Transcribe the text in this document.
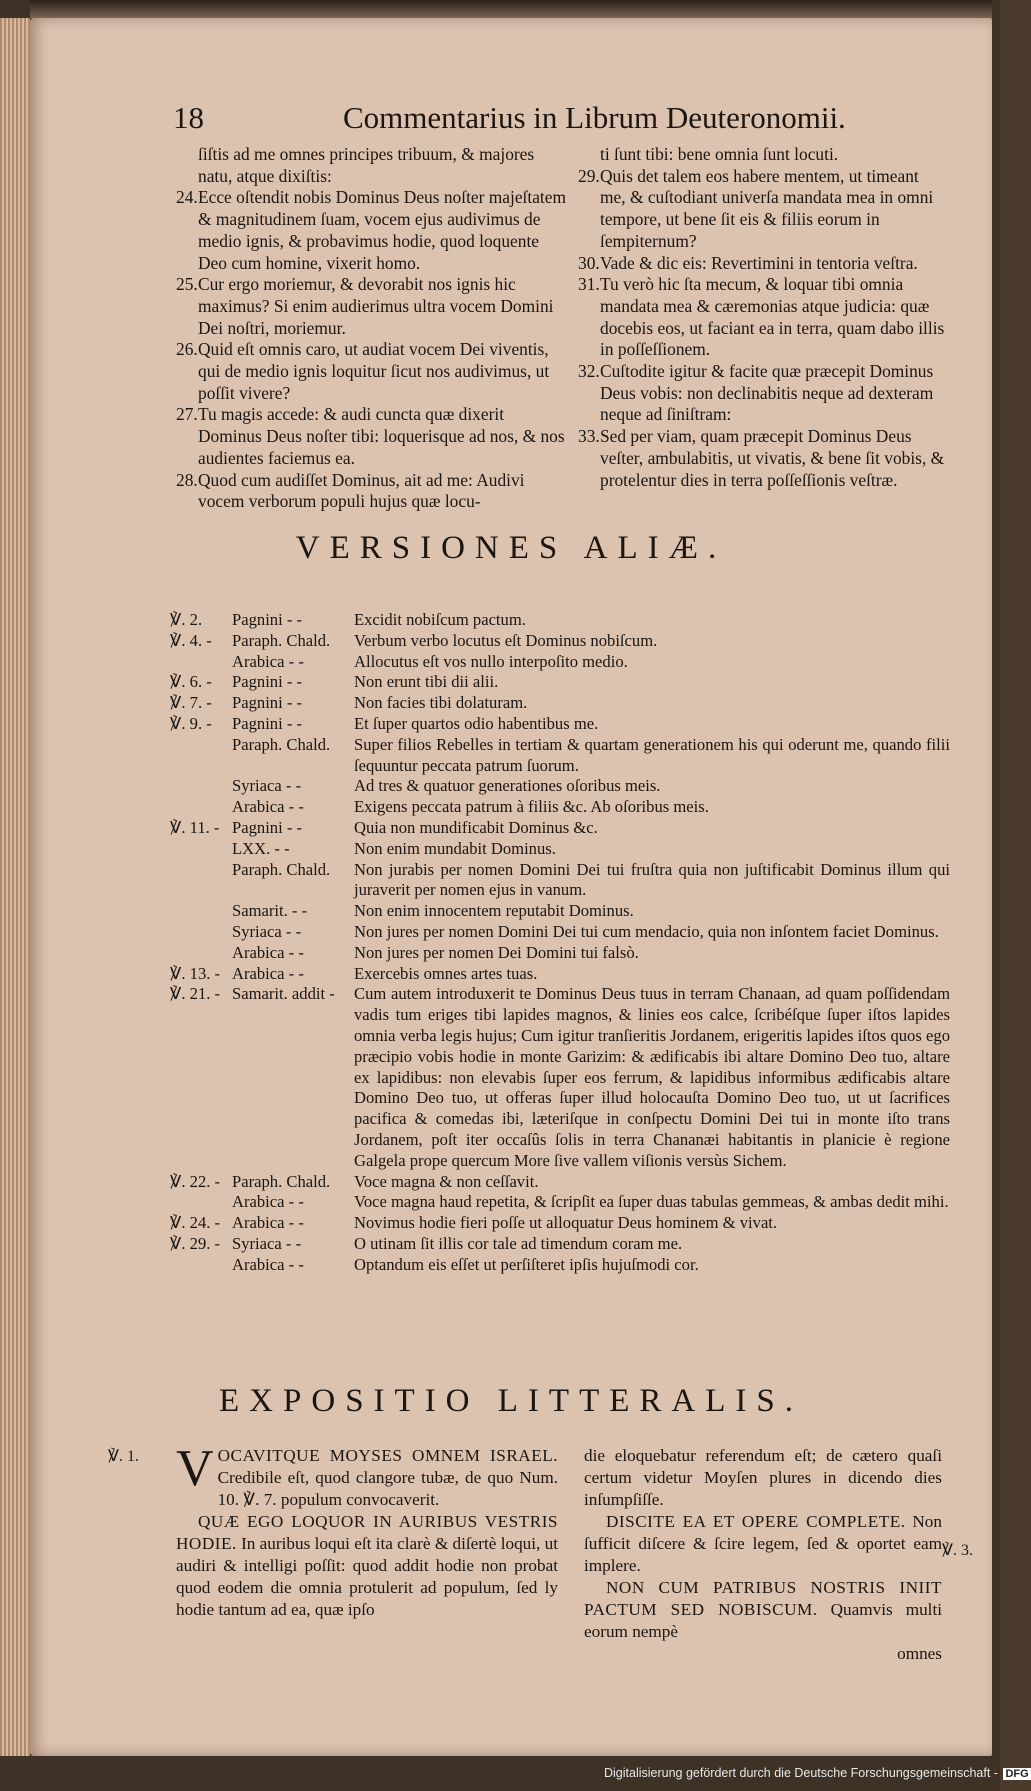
18	Commentarius in Librum Deuteronomii.

ſiſtis ad me omnes principes tribuum, & majores natu, atque dixiſtis:

24.Ecce oſtendit nobis Dominus Deus noſter majeſtatem & magnitudinem ſuam, vocem ejus audivimus de medio ignis, & probavimus hodie, quod loquente Deo cum homine, vixerit homo.

25.Cur ergo moriemur, & devorabit nos ignis hic maximus? Si enim audierimus ultra vocem Domini Dei noſtri, moriemur.

26.Quid eſt omnis caro, ut audiat vocem Dei viventis, qui de medio ignis loquitur ſicut nos audivimus, ut poſſit vivere?

27.Tu magis accede: & audi cuncta quæ dixerit Dominus Deus noſter tibi: loquerisque ad nos, & nos audientes faciemus ea.

28.Quod cum audiſſet Dominus, ait ad me: Audivi vocem verborum populi hujus quæ locu-

ti ſunt tibi: bene omnia ſunt locuti.

29.Quis det talem eos habere mentem, ut timeant me, & cuſtodiant univerſa mandata mea in omni tempore, ut bene ſit eis & filiis eorum in ſempiternum?

30.Vade & dic eis: Revertimini in tentoria veſtra.

31.Tu verò hic ſta mecum, & loquar tibi omnia mandata mea & cæremonias atque judicia: quæ docebis eos, ut faciant ea in terra, quam dabo illis in poſſeſſionem.

32.Cuſtodite igitur & facite quæ præcepit Dominus Deus vobis: non declinabitis neque ad dexteram neque ad ſiniſtram:

33.Sed per viam, quam præcepit Dominus Deus veſter, ambulabitis, ut vivatis, & bene ſit vobis, & protelentur dies in terra poſſeſſionis veſtræ.

VERSIONES ALIÆ.
℣. 2.	Pagnini - -	Excidit nobiſcum pactum.
℣. 4. -	Paraph. Chald.	Verbum verbo locutus eſt Dominus nobiſcum.
Arabica - -	Allocutus eſt vos nullo interpoſito medio.
℣. 6. -	Pagnini - -	Non erunt tibi dii alii.
℣. 7. -	Pagnini - -	Non facies tibi dolaturam.
℣. 9. -	Pagnini - -	Et ſuper quartos odio habentibus me.
Paraph. Chald.	Super filios Rebelles in tertiam & quartam generationem his qui oderunt me, quando filii ſequuntur peccata patrum ſuorum.
Syriaca - -	Ad tres & quatuor generationes oſoribus meis.
Arabica - -	Exigens peccata patrum à filiis &c. Ab oſoribus meis.
℣. 11. - Pagnini - -	Quia non mundificabit Dominus &c.
LXX. - -	Non enim mundabit Dominus.
Paraph. Chald.	Non jurabis per nomen Domini Dei tui fruſtra quia non juſtificabit Dominus illum qui juraverit per nomen ejus in vanum.
Samarit. - -	Non enim innocentem reputabit Dominus.
Syriaca - -	Non jures per nomen Domini Dei tui cum mendacio, quia non inſontem faciet Dominus.
Arabica - -	Non jures per nomen Dei Domini tui falsò.
℣. 13. - Arabica - -	Exercebis omnes artes tuas.
℣. 21. - Samarit. addit -	Cum autem introduxerit te Dominus Deus tuus in terram Chanaan, ad quam poſſidendam vadis tum eriges tibi lapides magnos, & linies eos calce, ſcribéſque ſuper iſtos lapides omnia verba legis hujus; Cum igitur tranſieritis Jordanem, erigeritis lapides iſtos quos ego præcipio vobis hodie in monte Garizim: & ædificabis ibi altare Domino Deo tuo, altare ex lapidibus: non elevabis ſuper eos ferrum, & lapidibus informibus ædificabis altare Domino Deo tuo, ut offeras ſuper illud holocauſta Domino Deo tuo, ut ut ſacrifices pacifica & comedas ibi, læteriſque in conſpectu Domini Dei tui in monte iſto trans Jordanem, poſt iter occaſûs ſolis in terra Chananæi habitantis in planicie è regione Galgela prope quercum More ſive vallem viſionis versùs Sichem.
℣. 22. - Paraph. Chald.	Voce magna & non ceſſavit.
Arabica - -	Voce magna haud repetita, & ſcripſit ea ſuper duas tabulas gemmeas, & ambas dedit mihi.
℣. 24. - Arabica - -	Novimus hodie fieri poſſe ut alloquatur Deus hominem & vivat.
℣. 29. - Syriaca - -	O utinam ſit illis cor tale ad timendum coram me.
Arabica - -	Optandum eis eſſet ut perſiſteret ipſis hujuſmodi cor.
EXPOSITIO LITTERALIS.
℣. 1.
℣. 3.

VOCAVITQUE MOYSES OMNEM ISRAEL. Credibile eſt, quod clangore tubæ, de quo Num. 10. ℣. 7. populum convocaverit.

QUÆ EGO LOQUOR IN AURIBUS VESTRIS HODIE. In auribus loqui eſt ita clarè & diſertè loqui, ut audiri & intelligi poſſit: quod addit hodie non probat quod eodem die omnia protulerit ad populum, ſed ly hodie tantum ad ea, quæ ipſo

die eloquebatur referendum eſt; de cætero quaſi certum videtur Moyſen plures in dicendo dies inſumpſiſſe.

DISCITE EA ET OPERE COMPLETE. Non ſufficit diſcere & ſcire legem, ſed & oportet eam implere.

NON CUM PATRIBUS NOSTRIS INIIT PACTUM SED NOBISCUM. Quamvis multi eorum nempè

omnes

Digitalisierung gefördert durch die Deutsche Forschungsgemeinschaft - DFG
